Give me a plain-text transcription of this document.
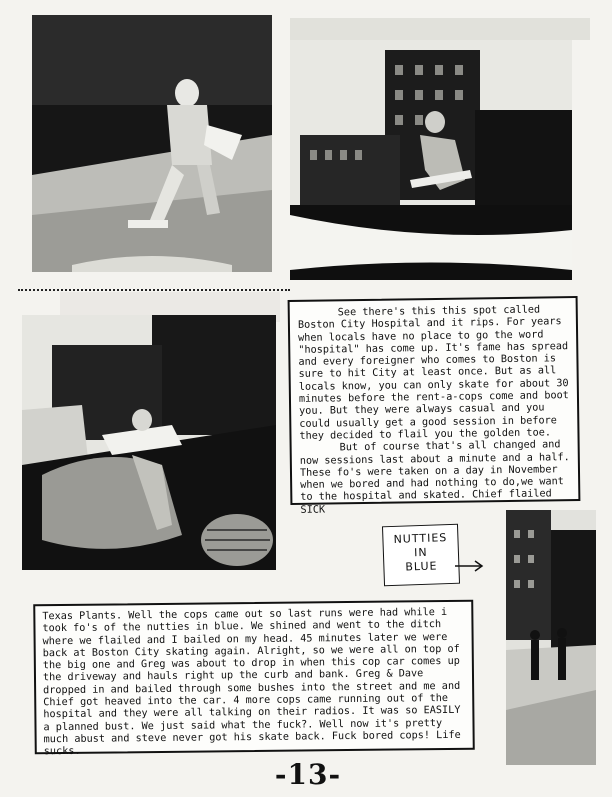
See there's this this spot called Boston City Hospital and it rips. For years when locals have no place to go the word "hospital" has come up. It's fame has spread and every foreigner who comes to Boston is sure to hit City at least once. But as all locals know, you can only skate for about 30 minutes before the rent-a-cops come and boot you. But they were always casual and you could usually get a good session in before they decided to flail you the golden toe.

But of course that's all changed and now sessions last about a minute and a half. These fo's were taken on a day in November when we bored and had nothing to do,we want to the hospital and skated. Chief flailed SICK

NUTTIES
IN
BLUE

Texas Plants. Well the cops came out so last runs were had while i took fo's of the nutties in blue. We shined and went to the ditch where we flailed and I bailed on my head. 45 minutes later we were back at Boston City skating again. Alright, so we were all on top of the big one and Greg was about to drop in when this cop car comes up the driveway and hauls right up the curb and bank. Greg & Dave dropped in and bailed through some bushes into the street and me and Chief got heaved into the car. 4 more cops came running out of the hospital and they were all talking on their radios. It was so EASILY a planned bust. We just said what the fuck?. Well now it's pretty much abust and steve never got his skate back. Fuck bored cops! Life sucks.

-13-
